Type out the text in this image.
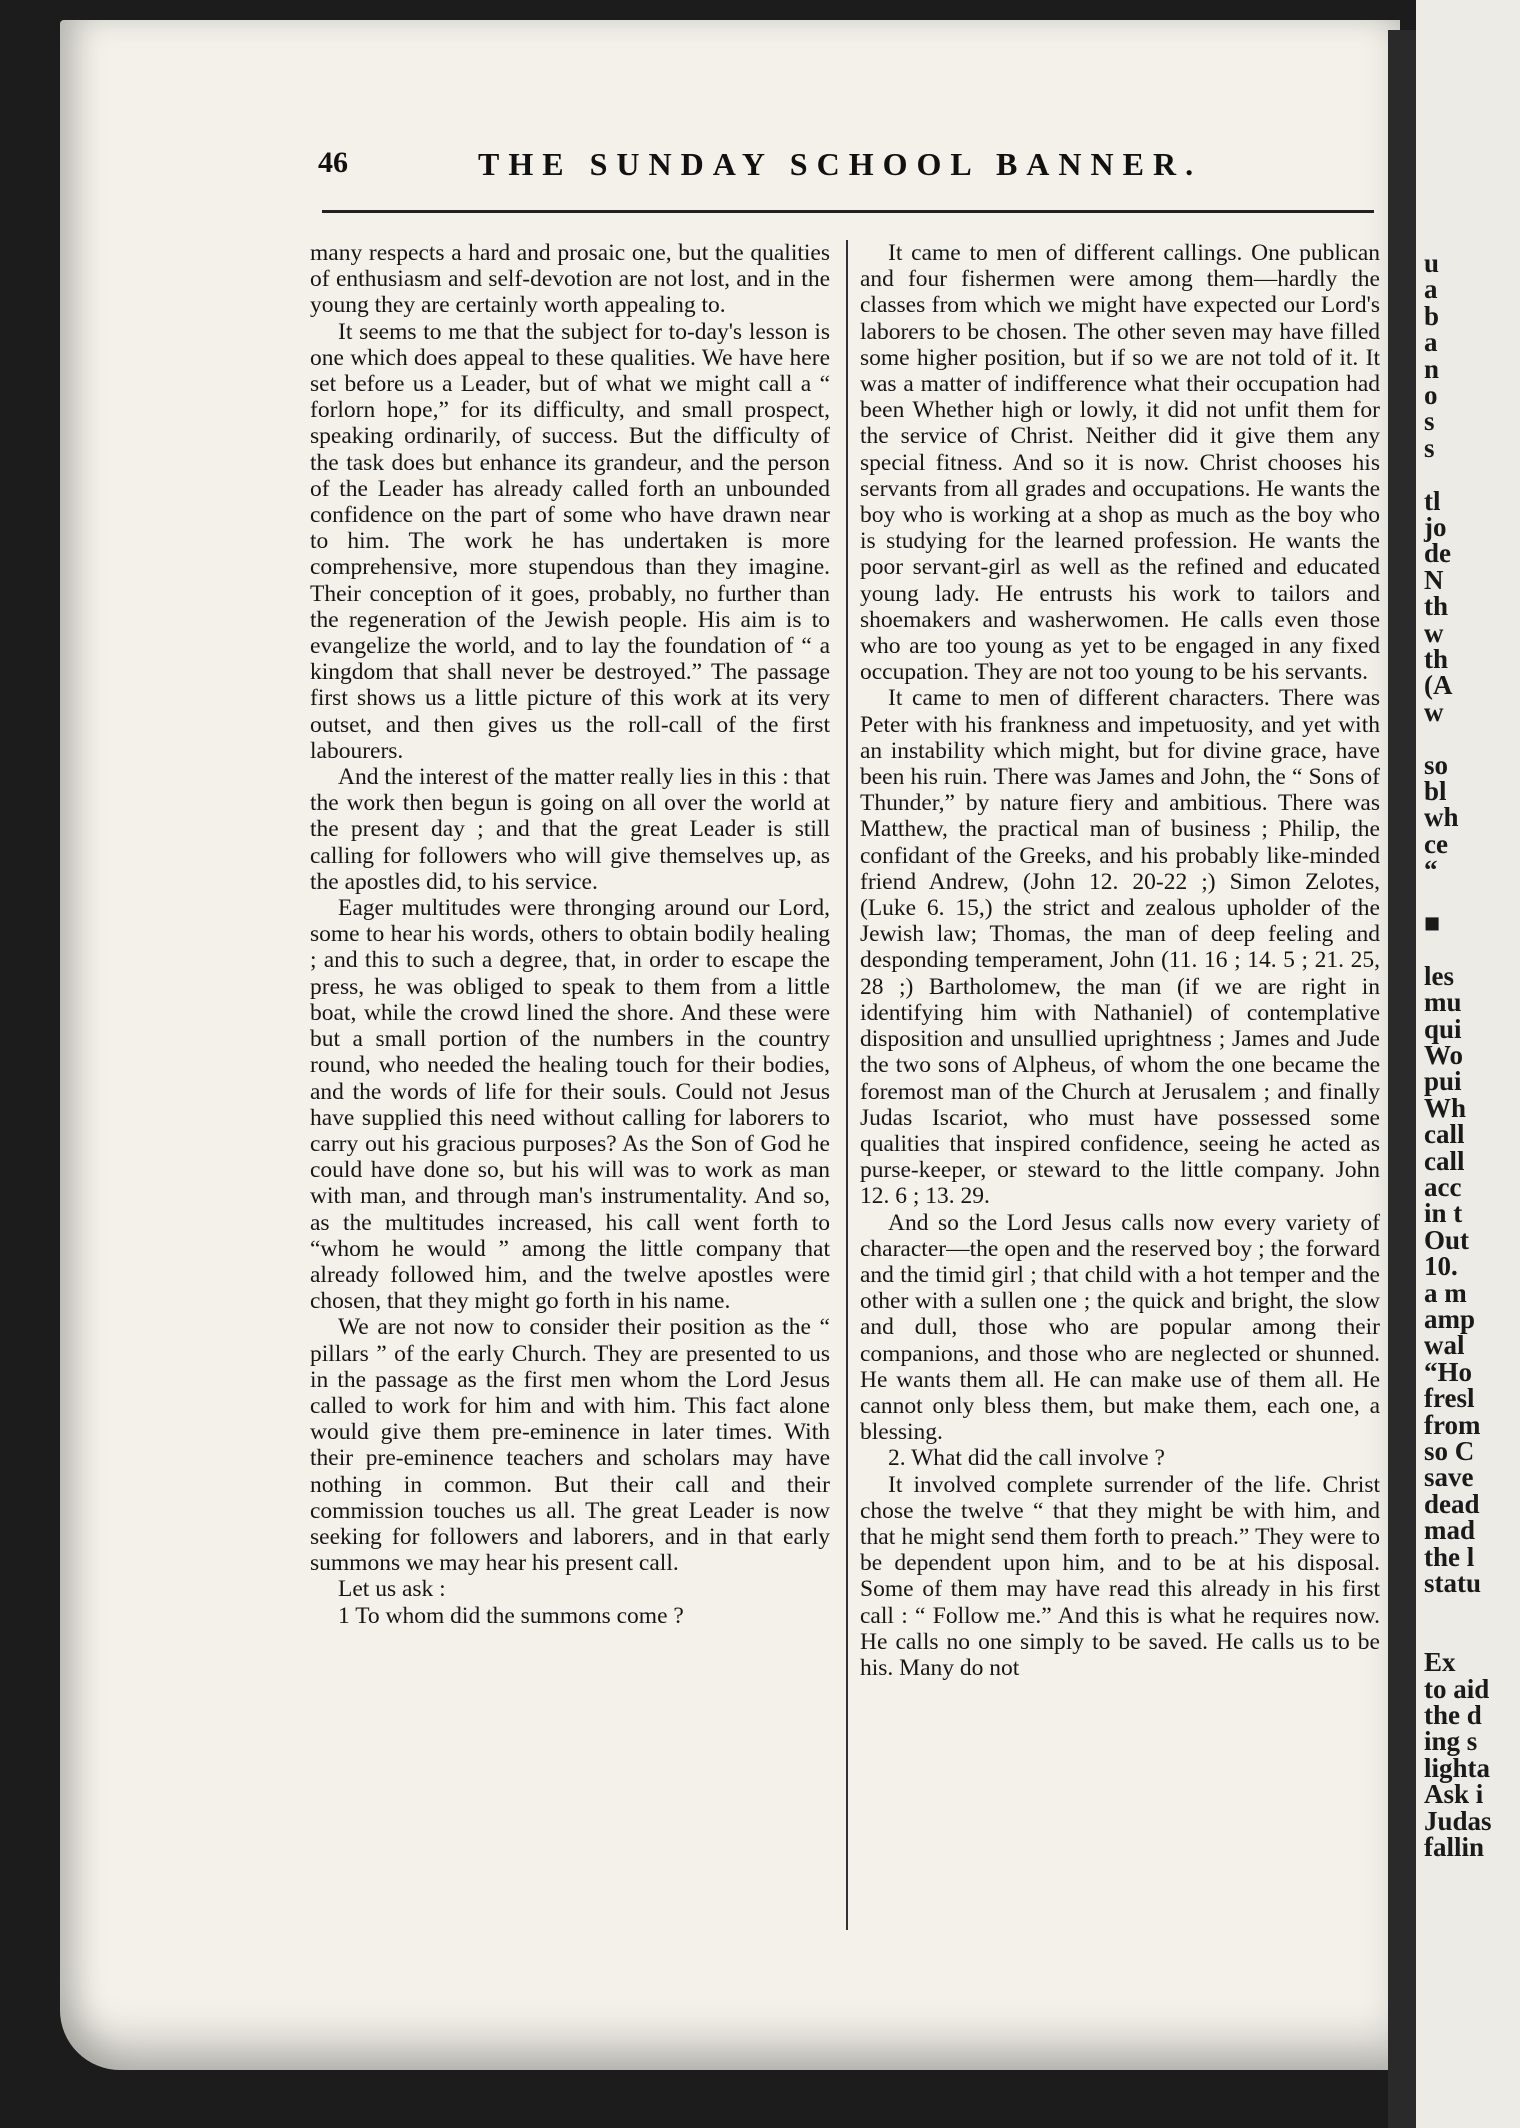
u
a
b
a
n
o
s
s
tl
jo
de
N
th
w
th
(A
w
so
bl
wh
ce
“
■
les
mu
qui
Wo
pui
Wh
call
call
acc
in t
Out
10.
a m
amp
wal
“Ho
fresl
from
so C
save
dead
mad
the l
statu
Ex
to aid
the d
ing s
lighta
Ask i
Judas
fallin
46	THE SUNDAY SCHOOL BANNER.

many respects a hard and prosaic one, but the qualities of enthusiasm and self-devotion are not lost, and in the young they are certainly worth appealing to.

It seems to me that the subject for to-day's lesson is one which does appeal to these qualities. We have here set before us a Leader, but of what we might call a “ forlorn hope,” for its difficulty, and small prospect, speaking ordinarily, of success. But the difficulty of the task does but enhance its grandeur, and the person of the Leader has already called forth an unbounded confidence on the part of some who have drawn near to him. The work he has undertaken is more comprehensive, more stupendous than they imagine. Their conception of it goes, probably, no further than the regeneration of the Jewish people. His aim is to evangelize the world, and to lay the foundation of “ a kingdom that shall never be destroyed.” The passage first shows us a little picture of this work at its very outset, and then gives us the roll-call of the first labourers.

And the interest of the matter really lies in this : that the work then begun is going on all over the world at the present day ; and that the great Leader is still calling for followers who will give themselves up, as the apostles did, to his service.

Eager multitudes were thronging around our Lord, some to hear his words, others to obtain bodily healing ; and this to such a degree, that, in order to escape the press, he was obliged to speak to them from a little boat, while the crowd lined the shore. And these were but a small portion of the numbers in the country round, who needed the healing touch for their bodies, and the words of life for their souls. Could not Jesus have supplied this need without calling for laborers to carry out his gracious purposes? As the Son of God he could have done so, but his will was to work as man with man, and through man's instrumentality. And so, as the multitudes increased, his call went forth to “whom he would ” among the little company that already followed him, and the twelve apostles were chosen, that they might go forth in his name.

We are not now to consider their position as the “ pillars ” of the early Church. They are presented to us in the passage as the first men whom the Lord Jesus called to work for him and with him. This fact alone would give them pre-eminence in later times. With their pre-eminence teachers and scholars may have nothing in common. But their call and their commission touches us all. The great Leader is now seeking for followers and laborers, and in that early summons we may hear his present call.

Let us ask :

1 To whom did the summons come ?

It came to men of different callings. One publican and four fishermen were among them—hardly the classes from which we might have expected our Lord's laborers to be chosen. The other seven may have filled some higher position, but if so we are not told of it. It was a matter of indifference what their occupation had been Whether high or lowly, it did not unfit them for the service of Christ. Neither did it give them any special fitness. And so it is now. Christ chooses his servants from all grades and occupations. He wants the boy who is working at a shop as much as the boy who is studying for the learned profession. He wants the poor servant-girl as well as the refined and educated young lady. He entrusts his work to tailors and shoemakers and washerwomen. He calls even those who are too young as yet to be engaged in any fixed occupation. They are not too young to be his servants.

It came to men of different characters. There was Peter with his frankness and impetuosity, and yet with an instability which might, but for divine grace, have been his ruin. There was James and John, the “ Sons of Thunder,” by nature fiery and ambitious. There was Matthew, the practical man of business ; Philip, the confidant of the Greeks, and his probably like-minded friend Andrew, (John 12. 20-22 ;) Simon Zelotes, (Luke 6. 15,) the strict and zealous upholder of the Jewish law; Thomas, the man of deep feeling and desponding temperament, John (11. 16 ; 14. 5 ; 21. 25, 28 ;) Bartholomew, the man (if we are right in identifying him with Nathaniel) of contemplative disposition and unsullied uprightness ; James and Jude the two sons of Alpheus, of whom the one became the foremost man of the Church at Jerusalem ; and finally Judas Iscariot, who must have possessed some qualities that inspired confidence, seeing he acted as purse-keeper, or steward to the little company. John 12. 6 ; 13. 29.

And so the Lord Jesus calls now every variety of character—the open and the reserved boy ; the forward and the timid girl ; that child with a hot temper and the other with a sullen one ; the quick and bright, the slow and dull, those who are popular among their companions, and those who are neglected or shunned. He wants them all. He can make use of them all. He cannot only bless them, but make them, each one, a blessing.

2. What did the call involve ?

It involved complete surrender of the life. Christ chose the twelve “ that they might be with him, and that he might send them forth to preach.” They were to be dependent upon him, and to be at his disposal. Some of them may have read this already in his first call : “ Follow me.” And this is what he requires now. He calls no one simply to be saved. He calls us to be his. Many do not
